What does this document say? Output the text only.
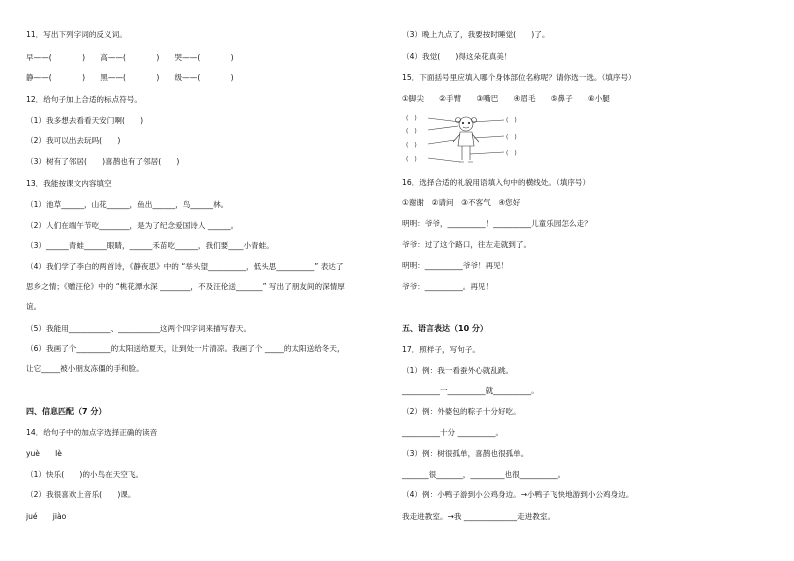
11．写出下列字词的反义词。
早——(　　　　)　　高——(　　　　)　　哭——(　　　　)
静——(　　　　)　　黑——(　　　　)　　级——(　　　　)
12．给句子加上合适的标点符号。
（1）我多想去看看天安门啊(　　)
（2）我可以出去玩吗(　　)
（3）树有了邻居(　　)喜鹊也有了邻居(　　)
13．我能按课文内容填空
（1）池草______，山花______，鱼出______，鸟______林。
（2）人们在端午节吃________，是为了纪念爱国诗人 ______。
（3）______青蛙______眼睛，______禾苗吃______，我们要____小青蛙。
（4）我们学了李白的两首诗，《静夜思》中的 “举头望__________，低头思__________” 表达了
思乡之情；《赠汪伦》中的 “桃花潭水深 ________，不及汪伦送_______” 写出了朋友间的深情厚
谊。
（5）我能用___________、___________这两个四字词来描写春天。
（6）我画了个_________的太阳送给夏天，让到处一片清凉。我画了个 _____的太阳送给冬天，
让它_____被小朋友冻僵的手和脸。
四、信息匹配（7 分）
14．给句子中的加点字选择正确的读音
yuè　　lè
（1）快乐(　　)的小鸟在天空飞。
（2）我很喜欢上音乐(　　)课。
jué　　jiào
（3）晚上九点了，我要按时睡觉(　　)了。
（4）我觉(　　)得这朵花真美！
15．下面括号里应填入哪个身体部位名称呢？请你选一选。（填序号）
①脚尖　　②手臂　　③嘴巴　　④眉毛　　⑤鼻子　　⑥小腿
(　)
(　)
(　)
(　)
(　)
(　)
(　)
16．选择合适的礼貌用语填入句中的横线处。（填序号）
①谢谢　②请问　③不客气　④您好
明明：爷爷，__________！__________儿童乐园怎么走？
爷爷：过了这个路口，往左走就到了。
明明：__________爷爷！再见！
爷爷：__________。再见！
五、语言表达（10 分）
17．照样子，写句子。
（1）例：我一看蚕外心就乱跳。
__________一__________就__________。
（2）例：外婆包的粽子十分好吃。
__________十分 __________。
（3）例：树很孤单，喜鹊也很孤单。
_______很_______，_________也很__________。
（4）例：小鸭子游到小公鸡身边。→小鸭子飞快地游到小公鸡身边。
我走进教室。→我 ______________走进教室。
